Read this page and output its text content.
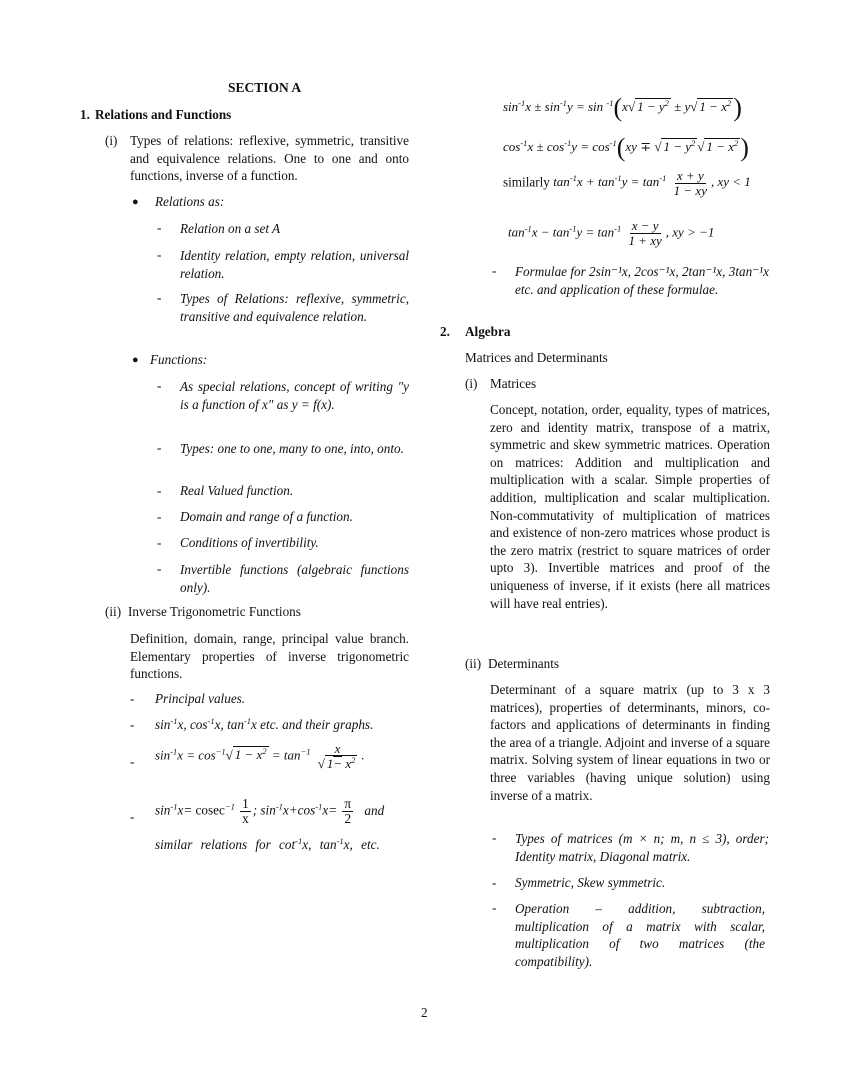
SECTION A
1. Relations and Functions
(i) Types of relations: reflexive, symmetric, transitive and equivalence relations. One to one and onto functions, inverse of a function.
● Relations as:
- Relation on a set A
- Identity relation, empty relation, universal relation.
- Types of Relations: reflexive, symmetric, transitive and equivalence relation.
● Functions:
- As special relations, concept of writing "y is a function of x" as y = f(x).
- Types: one to one, many to one, into, onto.
- Real Valued function.
- Domain and range of a function.
- Conditions of invertibility.
- Invertible functions (algebraic functions only).
(ii) Inverse Trigonometric Functions
Definition, domain, range, principal value branch. Elementary properties of inverse trigonometric functions.
- Principal values.
- $\sin^{-1}x$, $\cos^{-1}x$, $\tan^{-1}x$ etc. and their graphs.
- $\sin^{-1}x = \cos^{-1}√$ $1 - x^2 = \tan^{-1} \frac{x}{√ 1- x^2}$ .
- $\sin^{-1}x= cosec^{-1} \frac{1}{x}$ ; $\sin^{-1}x+\cos^{-1}x= \frac{\pi}{2}$ and
similar relations for $\cot^{-1}x$, $\tan^{-1}x$, etc.
$\sin^{-1}x \pm \sin^{-1}y = \sin ^{-1}(x√$ $1 - y^2 \pm y√$ $1 - x^2$)
$\cos^{-1}x \pm \cos^{-1}y = \cos^{-1}(xy$ ∓ √ $1 - y^2$ √ $1 - x^2$)
similarly $\tan^{-1}x + \tan^{-1}y = \tan^{-1} \frac{x + y}{1 - xy}$ , xy < 1
$\tan^{-1}x - \tan^{-1}y = \tan^{-1} \frac{x - y}{1 + xy}$ , xy > −1
- Formulae for 2sin⁻¹x, 2cos⁻¹x, 2tan⁻¹x, 3tan⁻¹x etc. and application of these formulae.
2. Algebra
Matrices and Determinants
(i) Matrices
Concept, notation, order, equality, types of matrices, zero and identity matrix, transpose of a matrix, symmetric and skew symmetric matrices. Operation on matrices: Addition and multiplication and multiplication with a scalar. Simple properties of addition, multiplication and scalar multiplication. Non-commutativity of multiplication of matrices and existence of non-zero matrices whose product is the zero matrix (restrict to square matrices of order upto 3). Invertible matrices and proof of the uniqueness of inverse, if it exists (here all matrices will have real entries).
(ii) Determinants
Determinant of a square matrix (up to 3 x 3 matrices), properties of determinants, minors, co-factors and applications of determinants in finding the area of a triangle. Adjoint and inverse of a square matrix. Solving system of linear equations in two or three variables (having unique solution) using inverse of a matrix.
- Types of matrices (m × n; m, n ≤ 3), order; Identity matrix, Diagonal matrix.
- Symmetric, Skew symmetric.
- Operation – addition, subtraction, multiplication of a matrix with scalar, multiplication of two matrices (the compatibility).
2
